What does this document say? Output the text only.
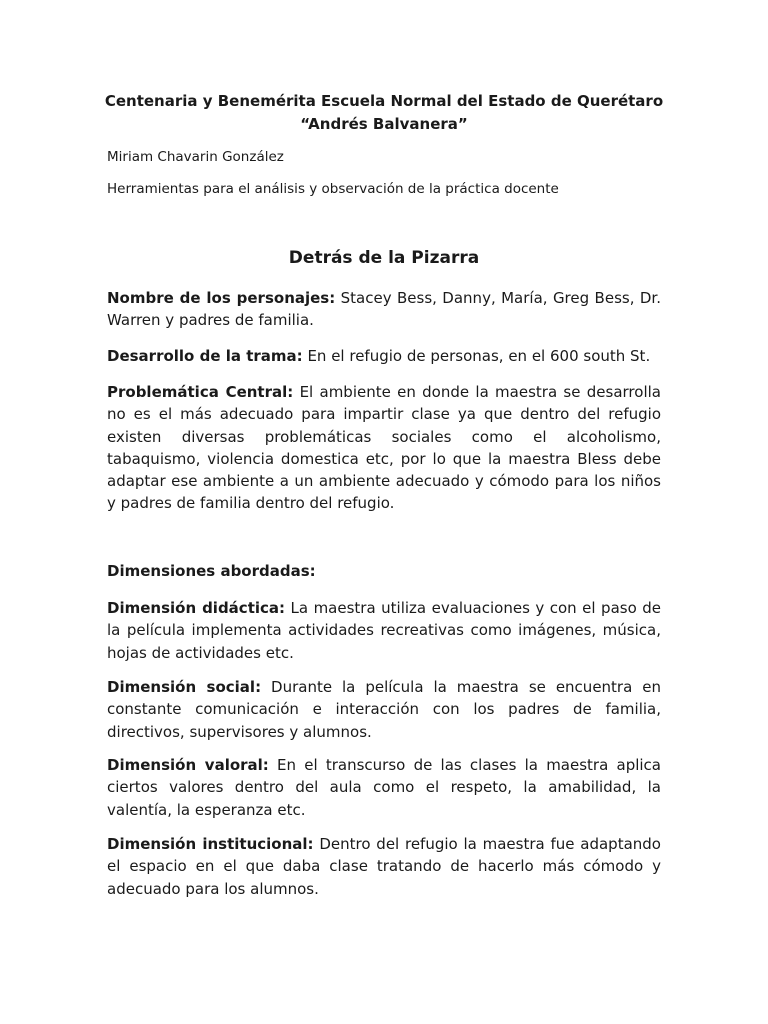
Centenaria y Benemérita Escuela Normal del Estado de Querétaro “Andrés Balvanera”
Miriam Chavarin González
Herramientas para el análisis y observación de la práctica docente
Detrás de la Pizarra

Nombre de los personajes: Stacey Bess, Danny, María, Greg Bess, Dr. Warren y padres de familia.

Desarrollo de la trama: En el refugio de personas, en el 600 south St.

Problemática Central: El ambiente en donde la maestra se desarrolla no es el más adecuado para impartir clase ya que dentro del refugio existen diversas problemáticas sociales como el alcoholismo, tabaquismo, violencia domestica etc, por lo que la maestra Bless debe adaptar ese ambiente a un ambiente adecuado y cómodo para los niños y padres de familia dentro del refugio.

Dimensiones abordadas:

Dimensión didáctica: La maestra utiliza evaluaciones y con el paso de la película implementa actividades recreativas como imágenes, música, hojas de actividades etc.

Dimensión social: Durante la película la maestra se encuentra en constante comunicación e interacción con los padres de familia, directivos, supervisores y alumnos.

Dimensión valoral: En el transcurso de las clases la maestra aplica ciertos valores dentro del aula como el respeto, la amabilidad, la valentía, la esperanza etc.

Dimensión institucional: Dentro del refugio la maestra fue adaptando el espacio en el que daba clase tratando de hacerlo más cómodo y adecuado para los alumnos.
